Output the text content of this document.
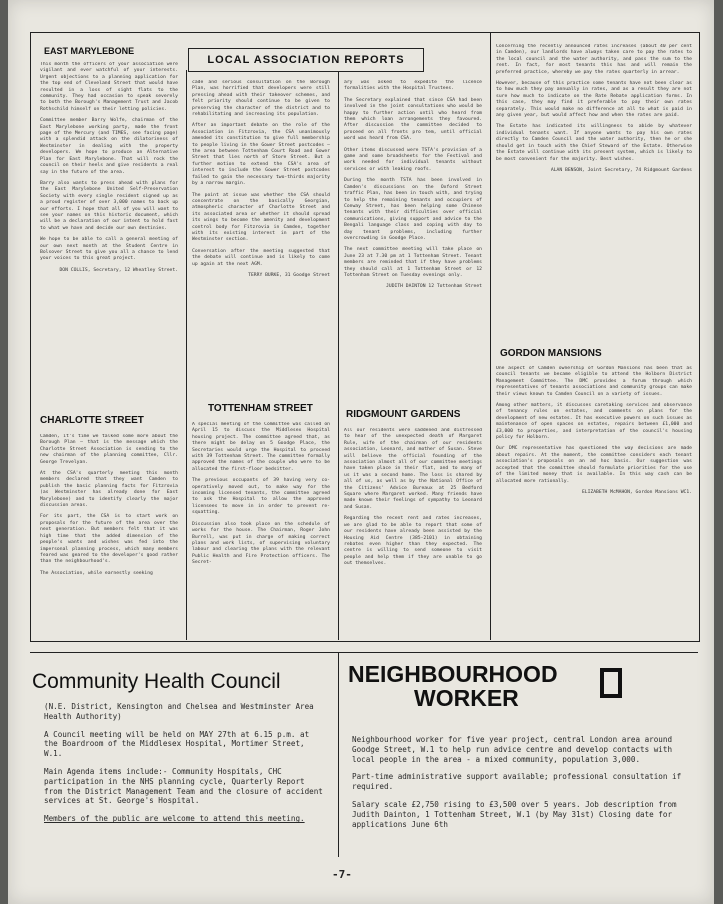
LOCAL ASSOCIATION REPORTS
EAST MARYLEBONE

This month the officers of your association were vigilant and ever watchful of your interests. Urgent objections to a planning application for the top end of Cleveland Street that would have resulted in a loss of sight flats to the community. They had occasion to speak severely to both the Borough's Management Trust and Jacob Rothschild himself on their letting policies.

Committee member Barry Wolfe, chairman of the East Marylebone working party, made the front page of the Mercury (and TIMES, see facing page) with a splendid attack on the dilatoriness of Westminster in dealing with the property developers. We hope to produce an Alternative Plan for East Marylebone. That will rock the council on their heels and give residents a real say in the future of the area.

Barry also wants to press ahead with plans for the East Marylebone United Self-Preservation Society with every single resident signed up as a proud register of over 3,000 names to back up our efforts. I hope that all of you will want to see your names on this historic document, which will be a declaration of our intent to hold fast to what we have and decide our own destinies.

We hope to be able to call a general meeting of our own next month at the Student Centre in Bolsover Street to give you all a chance to lend your voices to this great project.

DON COLLIS, Secretary, 12 Wheatley Street.

cade and serious consultation on the Borough Plan, was horrified that developers were still pressing ahead with their takeover schemes, and felt priority should continue to be given to preserving the character of the district and to rehabilitating and increasing its population.

After an important debate on the role of the Association in Fitzrovia, the CSA unanimously amended its constitution to give full membership to people living in the Gower Street postcodes — the area between Tottenham Court Road and Gower Street that lies north of Store Street. But a further motion to extend the CSA's area of interest to include the Gower Street postcodes failed to gain the necessary two-thirds majority by a narrow margin.

The point at issue was whether the CSA should concentrate on the basically Georgian, atmospheric character of Charlotte Street and its associated area or whether it should spread its wings to become the amenity and development control body for Fitzrovia in Camden, together with its existing interest in part of the Westminster section.

Conversation after the meeting suggested that the debate will continue and is likely to come up again at the next AGM.

TERRY BURKE, 31 Goodge Street

ary was asked to expedite the licence formalities with the Hospital Trustees.

The Secretary explained that since CSA had been involved in the joint consultations who would be happy to further action until who heard from them which loan arrangements they favoured. After discussion the committee decided to proceed on all fronts pro tem, until official word was heard from CSA.

Other items discussed were TSTA's provision of a game and some broadsheets for the Festival and work needed for individual tenants without services or with leaking roofs.

During the month TSTA has been involved in Camden's discussions on the Oxford Street traffic Plan, has been in touch with, and trying to help the remaining tenants and occupiers of Conway Street, has been helping some Chinese tenants with their difficulties over official communications, giving support and advice to the Bengali language class and coping with day to day tenant problems, including further overcrowding in Goodge Place.

The next committee meeting will take place on June 23 at 7.30 pm at 1 Tottenham Street. Tenant members are reminded that if they have problems they should call at 1 Tottenham Street or 12 Tottenham Street on Tuesday evenings only.

JUDITH DAINTON 12 Tottenham Street

Concerning the recently announced rates increases (about 40 per cent in Camden), our landlords have always taken care to pay the rates to the local council and the water authority, and pass the sum to the rent. In fact, for most tenants this has and will remain the preferred practice, whereby we pay the rates quarterly in arrear.

However, because of this practice some tenants have not been clear as to how much they pay annually in rates, and as a result they are not sure how much to indicate on the Rate Rebate application forms. In this case, they may find it preferable to pay their own rates separately. This would make no difference at all to what is paid in any given year, but would affect how and when the rates are paid.

The Estate has indicated its willingness to abide by whatever individual tenants want. If anyone wants to pay his own rates directly to Camden Council and the water authority, then he or she should get in touch with the Chief Steward of the Estate. Otherwise the Estate will continue with its present system, which is likely to be most convenient for the majority. Best wishes.

ALAN BENSON, Joint Secretary, 74 Ridgmount Gardens

CHARLOTTE STREET

Camden, it's time we talked some more about the Borough Plan — that is the message which the Charlotte Street Association is sending to the new chairman of the planning committee, Cllr. George Trevelyan.

At the CSA's quarterly meeting this month members declared that they want Camden to publish the basic planning facts for Fitzrovia (as Westminster has already done for East Marylebone) and to identify clearly the major discussion areas.

For its part, the CSA is to start work on proposals for the future of the area over the next generation. But members felt that it was high time that the added dimension of the people's wants and wishes was fed into the impersonal planning process, which many members feared was geared to the developer's good rather than the neighbourhood's.

The Association, while earnestly seeking

TOTTENHAM STREET

A special meeting of the Committee was called on April 15 to discuss the Middlesex Hospital housing project. The committee agreed that, as there might be delay on 5 Goodge Place, the Secretaries would urge the Hospital to proceed with 39 Tottenham Street. The committee formally approved the names of the couple who were to be allocated the first-floor bedsitter.

The previous occupants of 39 having very co-operatively moved out, to make way for the incoming licensed tenants, the committee agreed to ask the Hospital to allow the approved licensees to move in in order to prevent re-squatting.

Discussion also took place on the schedule of works for the house. The Chairman, Roger John Burrell, was put in charge of making correct plans and work lists, of supervising voluntary labour and clearing the plans with the relevant Public Health and Fire Protection officers. The Secret-

RIDGMOUNT GARDENS

All our residents were saddened and distressed to hear of the unexpected death of Margaret Rule, wife of the chairman of our residents association, Leonard, and mother of Susan. Steve will believe the official founding of the association almost all of our committee meetings have taken place in their flat, and to many of us it was a second home. The loss is shared by all of us, as well as by the National Office of the Citizens' Advice Bureaux at 25 Bedford Square where Margaret worked. Many friends have made known their feelings of sympathy to Leonard and Susan.

Regarding the recent rent and rates increases, we are glad to be able to report that some of our residents have already been assisted by the Housing Aid Centre (385-2101) in obtaining rebates even higher than they expected. The centre is willing to send someone to visit people and help them if they are unable to go out themselves.

GORDON MANSIONS

One aspect of Camden ownership of Gordon Mansions has been that as council tenants we became eligible to attend the Holborn District Management Committee. The DMC provides a forum through which representatives of tenants associations and community groups can make their views known to Camden Council on a variety of issues.

Among other matters, it discusses caretaking services and observance of tenancy rules on estates, and comments on plans for the development of new estates. It has executive powers on such issues as maintenance of open spaces on estates, repairs between £1,000 and £3,000 to properties, and interpretation of the council's housing policy for Holborn.

Our DMC representative has questioned the way decisions are made about repairs. At the moment, the committee considers each tenant association's proposals on an ad hoc basis. Our suggestion was accepted that the committee should formulate priorities for the use of the limited money that is available. In this way cash can be allocated more rationally.

ELIZABETH McMAHON, Gordon Mansions WC1.

Community Health Council

(N.E. District, Kensington and Chelsea and Westminster Area Health Authority)

A Council meeting will be held on MAY 27th at 6.15 p.m. at the Boardroom of the Middlesex Hospital, Mortimer Street, W.1.

Main Agenda items include:- Community Hospitals, CHC participation in the NHS planning cycle, Quarterly Report from the District Management Team and the closure of accident services at St. George's Hospital.

Members of the public are welcome to attend this meeting.

NEIGHBOURHOOD
WORKER

Neighbourhood worker for five year project, central London area around Goodge Street, W.1 to help run advice centre and develop contacts with local people in the area - a mixed community, population 3,000.

Part-time administrative support available; professional consultation if required.

Salary scale £2,750 rising to £3,500 over 5 years. Job description from Judith Dainton, 1 Tottenham Street, W.1 (by May 31st) Closing date for applications June 6th

-7-
